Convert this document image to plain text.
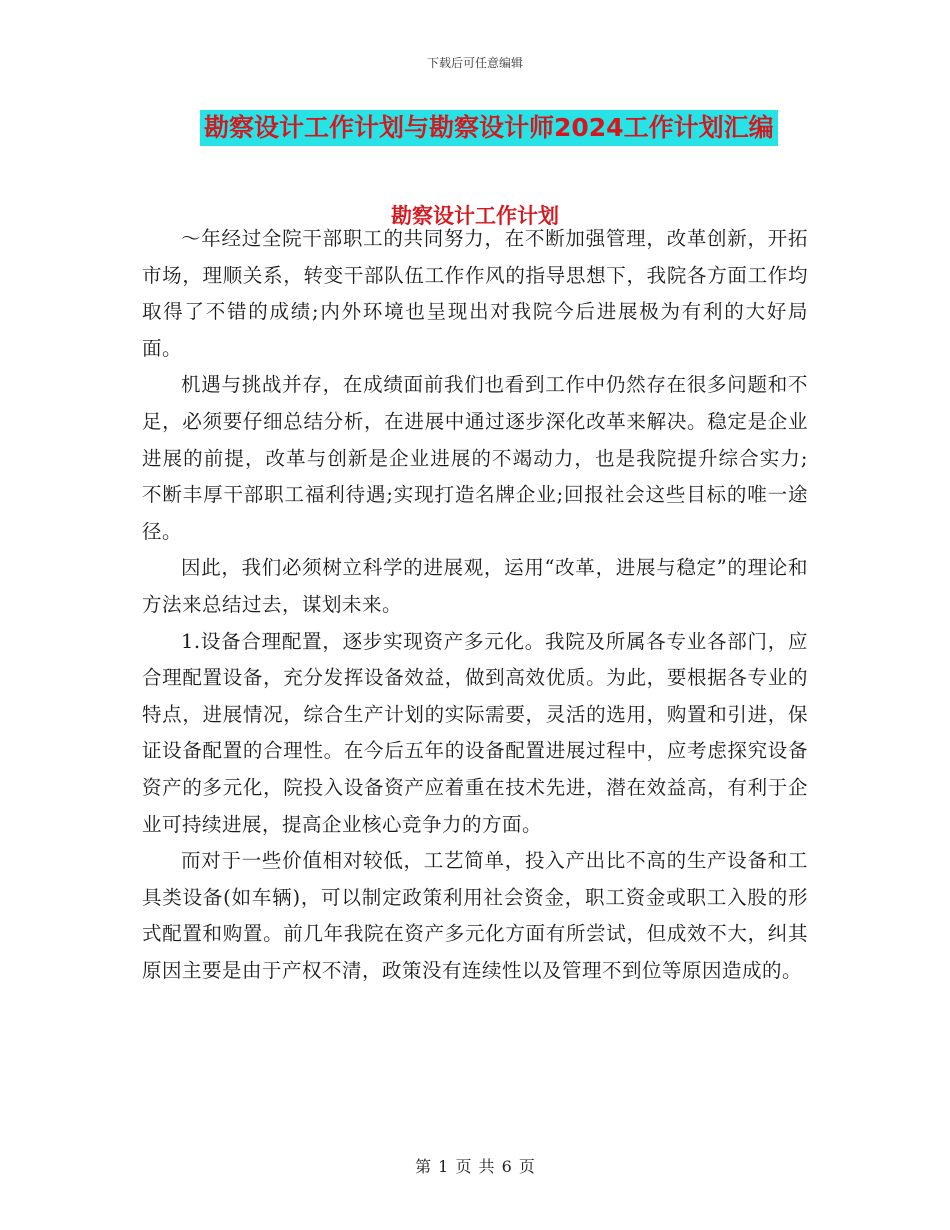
下载后可任意编辑
勘察设计工作计划与勘察设计师2024工作计划汇编
勘察设计工作计划

～年经过全院干部职工的共同努力，在不断加强管理，改革创新，开拓市场，理顺关系，转变干部队伍工作作风的指导思想下，我院各方面工作均取得了不错的成绩;内外环境也呈现出对我院今后进展极为有利的大好局面。

机遇与挑战并存，在成绩面前我们也看到工作中仍然存在很多问题和不足，必须要仔细总结分析，在进展中通过逐步深化改革来解决。稳定是企业进展的前提，改革与创新是企业进展的不竭动力，也是我院提升综合实力;不断丰厚干部职工福利待遇;实现打造名牌企业;回报社会这些目标的唯一途径。

因此，我们必须树立科学的进展观，运用“改革，进展与稳定”的理论和方法来总结过去，谋划未来。

1.设备合理配置，逐步实现资产多元化。我院及所属各专业各部门，应合理配置设备，充分发挥设备效益，做到高效优质。为此，要根据各专业的特点，进展情况，综合生产计划的实际需要，灵活的选用，购置和引进，保证设备配置的合理性。在今后五年的设备配置进展过程中，应考虑探究设备资产的多元化，院投入设备资产应着重在技术先进，潜在效益高，有利于企业可持续进展，提高企业核心竞争力的方面。

而对于一些价值相对较低，工艺简单，投入产出比不高的生产设备和工具类设备(如车辆)，可以制定政策利用社会资金，职工资金或职工入股的形式配置和购置。前几年我院在资产多元化方面有所尝试，但成效不大，纠其原因主要是由于产权不清，政策没有连续性以及管理不到位等原因造成的。

第 1 页 共 6 页
